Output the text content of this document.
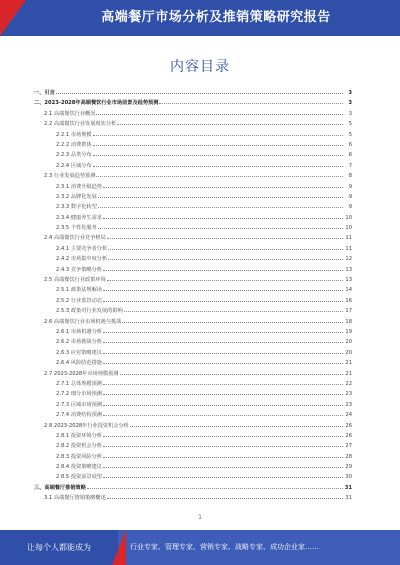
高端餐厅市场分析及推销策略研究报告
内容目录
一、引言	3
二、2023-2028年高端餐饮行业市场前景及趋势预测	3
2.1 高端餐饮行业概况	3
2.2 高端餐饮行业发展现状分析	5
2.2.1 市场规模	5
2.2.2 消费群体	6
2.2.3 品类分布	6
2.2.4 区域分布	7
2.3 行业发展趋势预测	8
2.3.1 消费升级趋势	9
2.3.2 品牌化发展	9
2.3.3 数字化转型	9
2.3.4 健康养生需求	10
2.3.5 个性化服务	10
2.4 高端餐饮行业竞争格局	11
2.4.1 主要竞争者分析	11
2.4.2 市场集中度分析	12
2.4.3 竞争策略分析	13
2.5 高端餐饮行业政策环境	13
2.5.1 政策法规解读	14
2.5.2 行业监管动态	16
2.5.3 政策对行业发展的影响	17
2.6 高端餐饮行业市场机遇与挑战	18
2.6.1 市场机遇分析	19
2.6.2 市场挑战分析	20
2.6.3 应对策略建议	20
2.6.4 风险防范措施	21
2.7 2023-2028年市场规模预测	21
2.7.1 总体规模预测	22
2.7.2 细分市场预测	23
2.7.3 区域市场预测	23
2.7.4 消费结构预测	24
2.8 2023-2028年行业投资机会分析	26
2.8.1 投资环境分析	26
2.8.2 投资机会分析	27
2.8.3 投资风险分析	28
2.8.4 投资策略建议	29
2.8.5 投资前景展望	30
三、高端餐厅推销策略	31
3.1 高端餐厅推销策略概述	31
1
让每个人都能成为	行业专家、管理专家、营销专家、战略专家、成功企业家……
